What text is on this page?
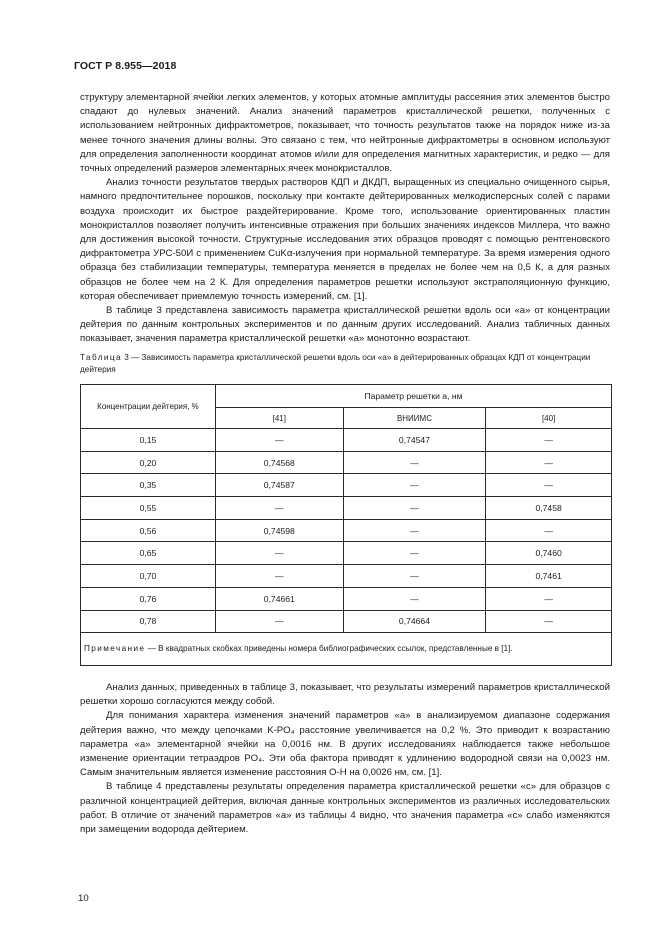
ГОСТ Р 8.955—2018

структуру элементарной ячейки легких элементов, у которых атомные амплитуды рассеяния этих элементов быстро спадают до нулевых значений. Анализ значений параметров кристаллической решетки, полученных с использованием нейтронных дифрактометров, показывает, что точность результатов также на порядок ниже из-за менее точного значения длины волны. Это связано с тем, что нейтронные дифрактометры в основном используют для определения заполненности координат атомов и/или для определения магнитных характеристик, и редко — для точных определений размеров элементарных ячеек монокристаллов.

Анализ точности результатов твердых растворов КДП и ДКДП, выращенных из специально очищенного сырья, намного предпочтительнее порошков, поскольку при контакте дейтерированных мелкодисперсных солей с парами воздуха происходит их быстрое раздейтерирование. Кроме того, использование ориентированных пластин монокристаллов позволяет получить интенсивные отражения при больших значениях индексов Миллера, что важно для достижения высокой точности. Структурные исследования этих образцов проводят с помощью рентгеновского дифрактометра УРС-50И с применением CuKα-излучения при нормальной температуре. За время измерения одного образца без стабилизации температуры, температура меняется в пределах не более чем на 0,5 К, а для разных образцов не более чем на 2 К. Для определения параметров решетки используют экстраполяционную функцию, которая обеспечивает приемлемую точность измерений, см. [1].

В таблице 3 представлена зависимость параметра кристаллической решетки вдоль оси «a» от концентрации дейтерия по данным контрольных экспериментов и по данным других исследований. Анализ табличных данных показывает, значения параметра кристаллической решетки «a» монотонно возрастают.

Таблица 3 — Зависимость параметра кристаллической решетки вдоль оси «a» в дейтерированных образцах КДП от концентрации дейтерия
Концентрации дейтерия, %	Параметр решетки a, нм		
	[41]	ВНИИМС	[40]
0,15	—	0,74547	—
0,20	0,74568	—	—
0,35	0,74587	—	—
0,55	—	—	0,7458
0,56	0,74598	—	—
0,65	—	—	0,7460
0,70	—	—	0,7461
0,76	0,74661	—	—
0,78	—	0,74664	—
Примечание — В квадратных скобках приведены номера библиографических ссылок, представленные в [1].			

Анализ данных, приведенных в таблице 3, показывает, что результаты измерений параметров кристаллической решетки хорошо согласуются между собой.

Для понимания характера изменения значений параметров «a» в анализируемом диапазоне содержания дейтерия важно, что между цепочками K-PO₄ расстояние увеличивается на 0,2 %. Это приводит к возрастанию параметра «a» элементарной ячейки на 0,0016 нм. В других исследованиях наблюдается также небольшое изменение ориентации тетраэдров PO₄. Эти оба фактора приводят к удлинению водородной связи на 0,0023 нм. Самым значительным является изменение расстояния O-H на 0,0026 нм, см. [1].

В таблице 4 представлены результаты определения параметра кристаллической решетки «c» для образцов с различной концентрацией дейтерия, включая данные контрольных экспериментов из различных исследовательских работ. В отличие от значений параметров «a» из таблицы 4 видно, что значения параметра «c» слабо изменяются при замещении водорода дейтерием.

10
